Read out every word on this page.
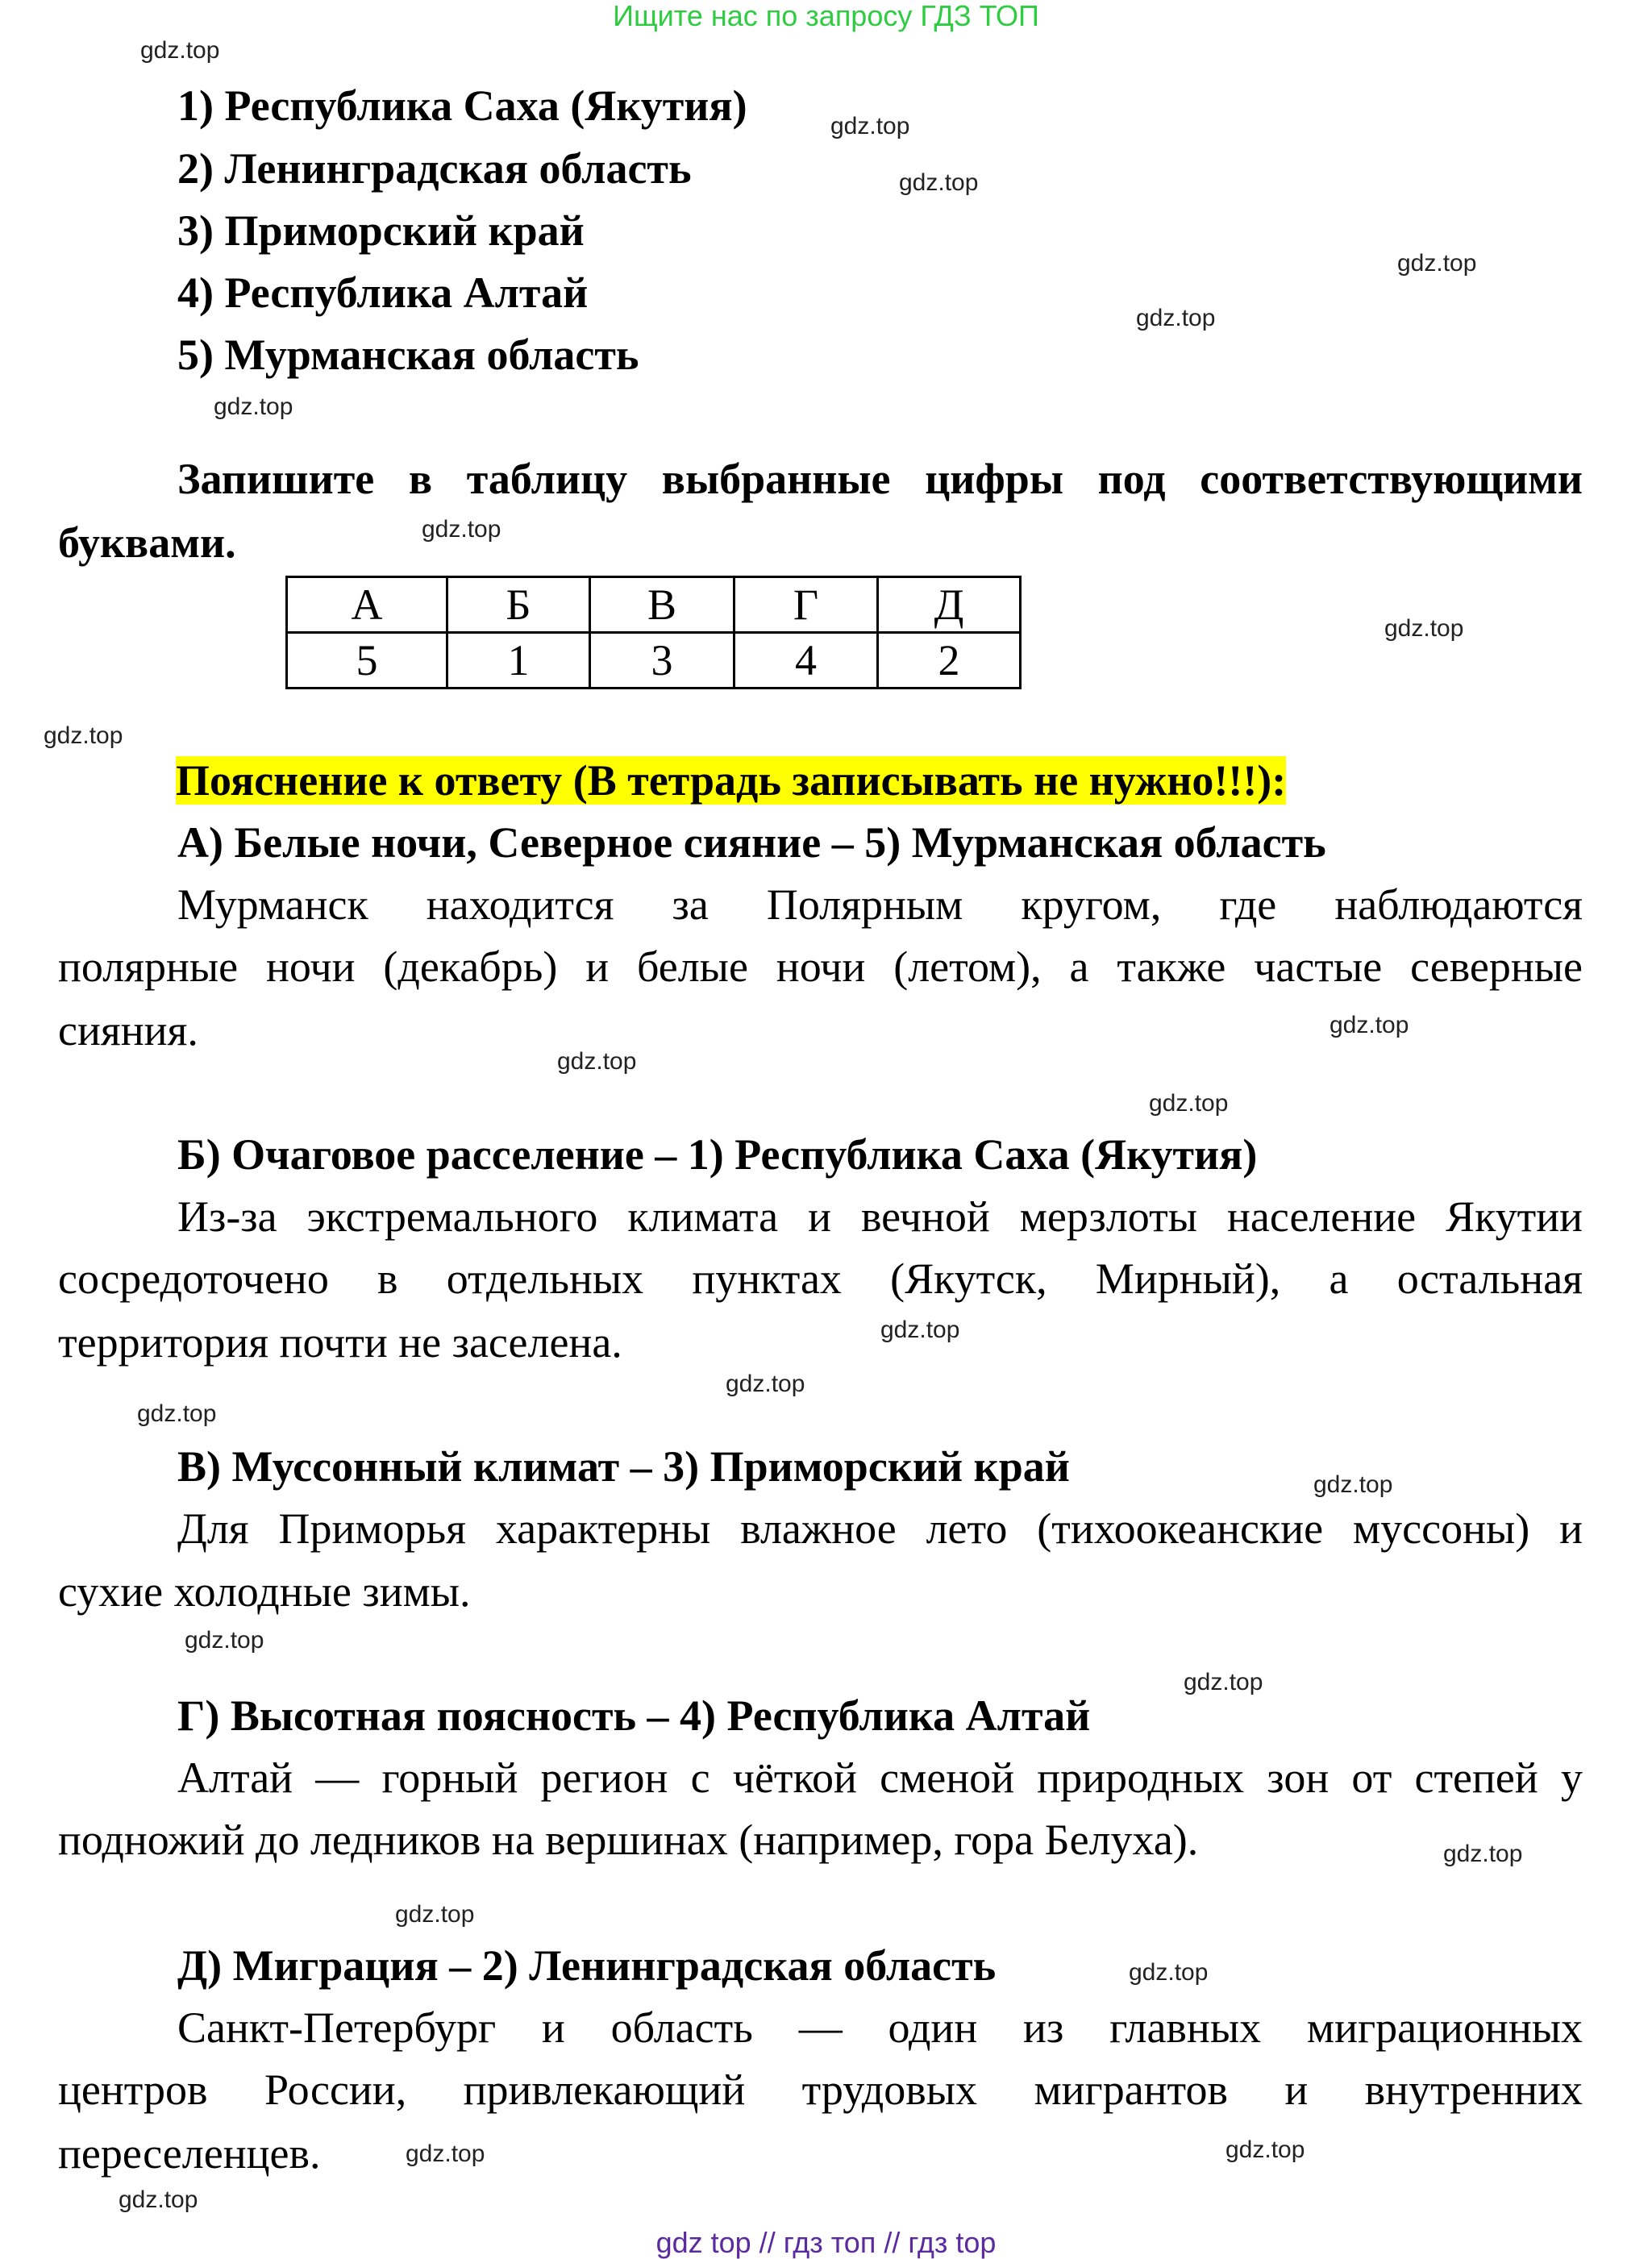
Ищите нас по запросу ГДЗ ТОП
1) Республика Саха (Якутия)
2) Ленинградская область
3) Приморский край
4) Республика Алтай
5) Мурманская область
Запишите в таблицу выбранные цифры под соответствующими
буквами.
А	Б	В	Г	Д
5	1	3	4	2
Пояснение к ответу (В тетрадь записывать не нужно!!!):
А) Белые ночи, Северное сияние – 5) Мурманская область
Мурманск находится за Полярным кругом, где наблюдаются
полярные ночи (декабрь) и белые ночи (летом), а также частые северные
сияния.
Б) Очаговое расселение – 1) Республика Саха (Якутия)
Из-за экстремального климата и вечной мерзлоты население Якутии
сосредоточено в отдельных пунктах (Якутск, Мирный), а остальная
территория почти не заселена.
В) Муссонный климат – 3) Приморский край
Для Приморья характерны влажное лето (тихоокеанские муссоны) и
сухие холодные зимы.
Г) Высотная поясность – 4) Республика Алтай
Алтай — горный регион с чёткой сменой природных зон от степей у
подножий до ледников на вершинах (например, гора Белуха).
Д) Миграция – 2) Ленинградская область
Санкт-Петербург и область — один из главных миграционных
центров России, привлекающий трудовых мигрантов и внутренних
переселенцев.
gdz.top
gdz.top
gdz.top
gdz.top
gdz.top
gdz.top
gdz.top
gdz.top
gdz.top
gdz.top
gdz.top
gdz.top
gdz.top
gdz.top
gdz.top
gdz.top
gdz.top
gdz.top
gdz.top
gdz.top
gdz.top
gdz.top
gdz.top
gdz.top
gdz top // гдз топ // гдз top
